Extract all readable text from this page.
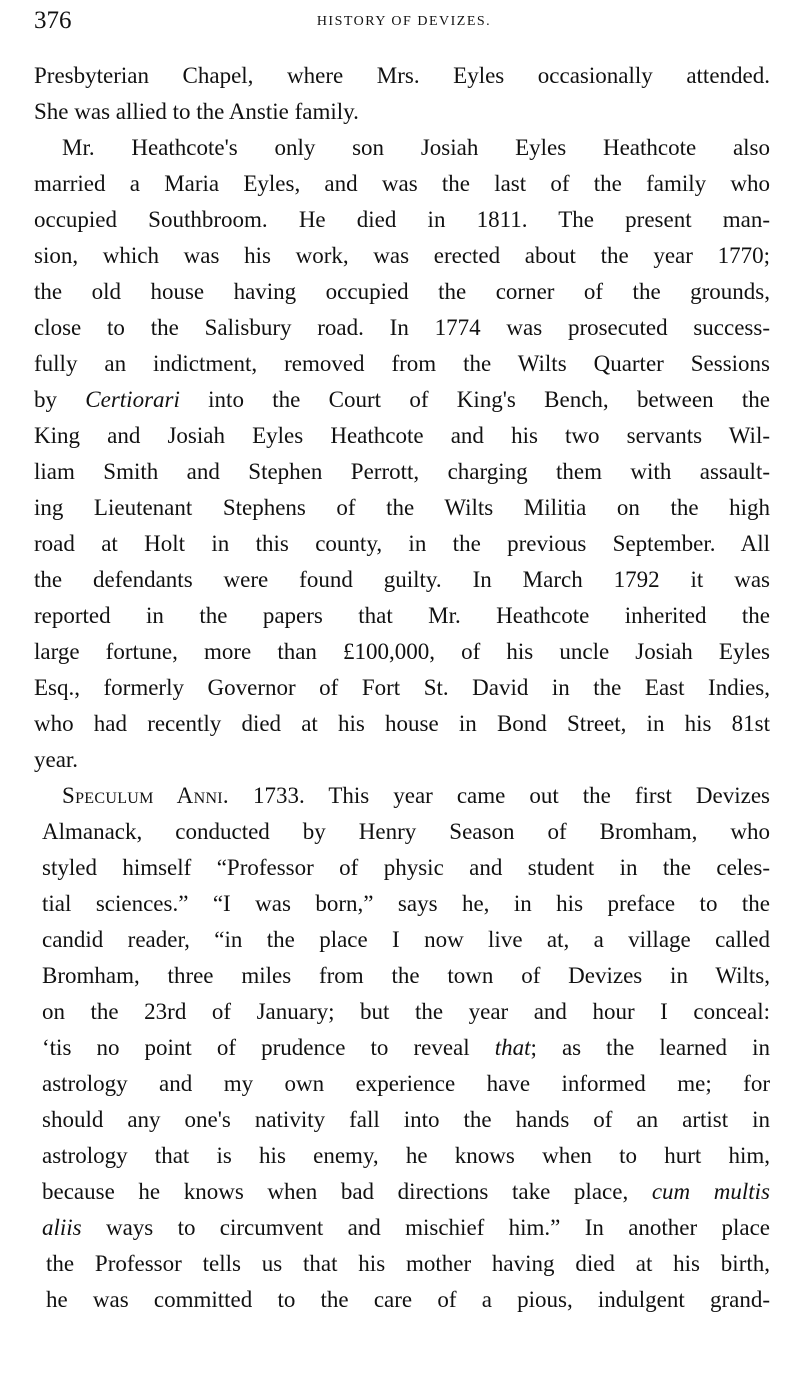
376	HISTORY OF DEVIZES.
Presbyterian Chapel, where Mrs. Eyles occasionally attended.
She was allied to the Anstie family.
Mr. Heathcote's only son Josiah Eyles Heathcote also
married a Maria Eyles, and was the last of the family who
occupied Southbroom. He died in 1811. The present man-
sion, which was his work, was erected about the year 1770;
the old house having occupied the corner of the grounds,
close to the Salisbury road. In 1774 was prosecuted success-
fully an indictment, removed from the Wilts Quarter Sessions
by Certiorari into the Court of King's Bench, between the
King and Josiah Eyles Heathcote and his two servants Wil-
liam Smith and Stephen Perrott, charging them with assault-
ing Lieutenant Stephens of the Wilts Militia on the high
road at Holt in this county, in the previous September. All
the defendants were found guilty. In March 1792 it was
reported in the papers that Mr. Heathcote inherited the
large fortune, more than £100,000, of his uncle Josiah Eyles
Esq., formerly Governor of Fort St. David in the East Indies,
who had recently died at his house in Bond Street, in his 81st
year.
Speculum Anni. 1733. This year came out the first Devizes
Almanack, conducted by Henry Season of Bromham, who
styled himself “Professor of physic and student in the celes-
tial sciences.” “I was born,” says he, in his preface to the
candid reader, “in the place I now live at, a village called
Bromham, three miles from the town of Devizes in Wilts,
on the 23rd of January; but the year and hour I conceal:
‘tis no point of prudence to reveal that; as the learned in
astrology and my own experience have informed me; for
should any one's nativity fall into the hands of an artist in
astrology that is his enemy, he knows when to hurt him,
because he knows when bad directions take place, cum multis
aliis ways to circumvent and mischief him.” In another place
the Professor tells us that his mother having died at his birth,
he was committed to the care of a pious, indulgent grand-
